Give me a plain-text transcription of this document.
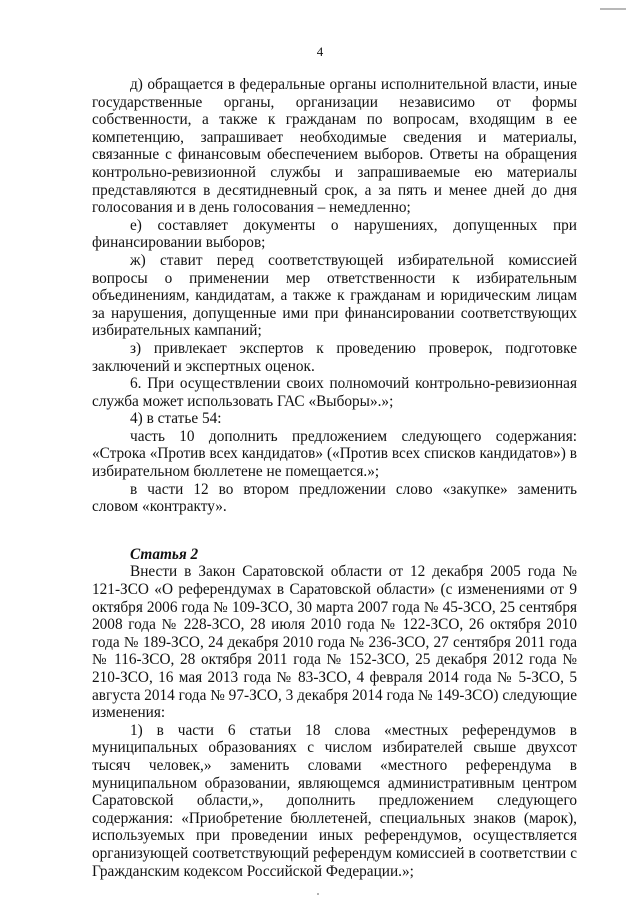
4

д) обращается в федеральные органы исполнительной власти, иные государственные органы, организации независимо от формы собственности, а также к гражданам по вопросам, входящим в ее компетенцию, запрашивает необходимые сведения и материалы, связанные с финансовым обеспечением выборов. Ответы на обращения контрольно-ревизионной службы и запрашиваемые ею материалы представляются в десятидневный срок, а за пять и менее дней до дня голосования и в день голосования – немедленно;

е) составляет документы о нарушениях, допущенных при финансировании выборов;

ж) ставит перед соответствующей избирательной комиссией вопросы о применении мер ответственности к избирательным объединениям, кандидатам, а также к гражданам и юридическим лицам за нарушения, допущенные ими при финансировании соответствующих избирательных кампаний;

з) привлекает экспертов к проведению проверок, подготовке заключений и экспертных оценок.

6. При осуществлении своих полномочий контрольно-ревизионная служба может использовать ГАС «Выборы».»;

4) в статье 54:

часть 10 дополнить предложением следующего содержания: «Строка «Против всех кандидатов» («Против всех списков кандидатов») в избирательном бюллетене не помещается.»;

в части 12 во втором предложении слово «закупке» заменить словом «контракту».

Статья 2

Внести в Закон Саратовской области от 12 декабря 2005 года № 121-ЗСО «О референдумах в Саратовской области» (с изменениями от 9 октября 2006 года № 109-ЗСО, 30 марта 2007 года № 45-ЗСО, 25 сентября 2008 года № 228-ЗСО, 28 июля 2010 года № 122-ЗСО, 26 октября 2010 года № 189-ЗСО, 24 декабря 2010 года № 236-ЗСО, 27 сентября 2011 года № 116-ЗСО, 28 октября 2011 года № 152-ЗСО, 25 декабря 2012 года № 210-ЗСО, 16 мая 2013 года № 83-ЗСО, 4 февраля 2014 года № 5-ЗСО, 5 августа 2014 года № 97-ЗСО, 3 декабря 2014 года № 149-ЗСО) следующие изменения:

1) в части 6 статьи 18 слова «местных референдумов в муниципальных образованиях с числом избирателей свыше двухсот тысяч человек,» заменить словами «местного референдума в муниципальном образовании, являющемся административным центром Саратовской области,», дополнить предложением следующего содержания: «Приобретение бюллетеней, специальных знаков (марок), используемых при проведении иных референдумов, осуществляется организующей соответствующий референдум комиссией в соответствии с Гражданским кодексом Российской Федерации.»;
